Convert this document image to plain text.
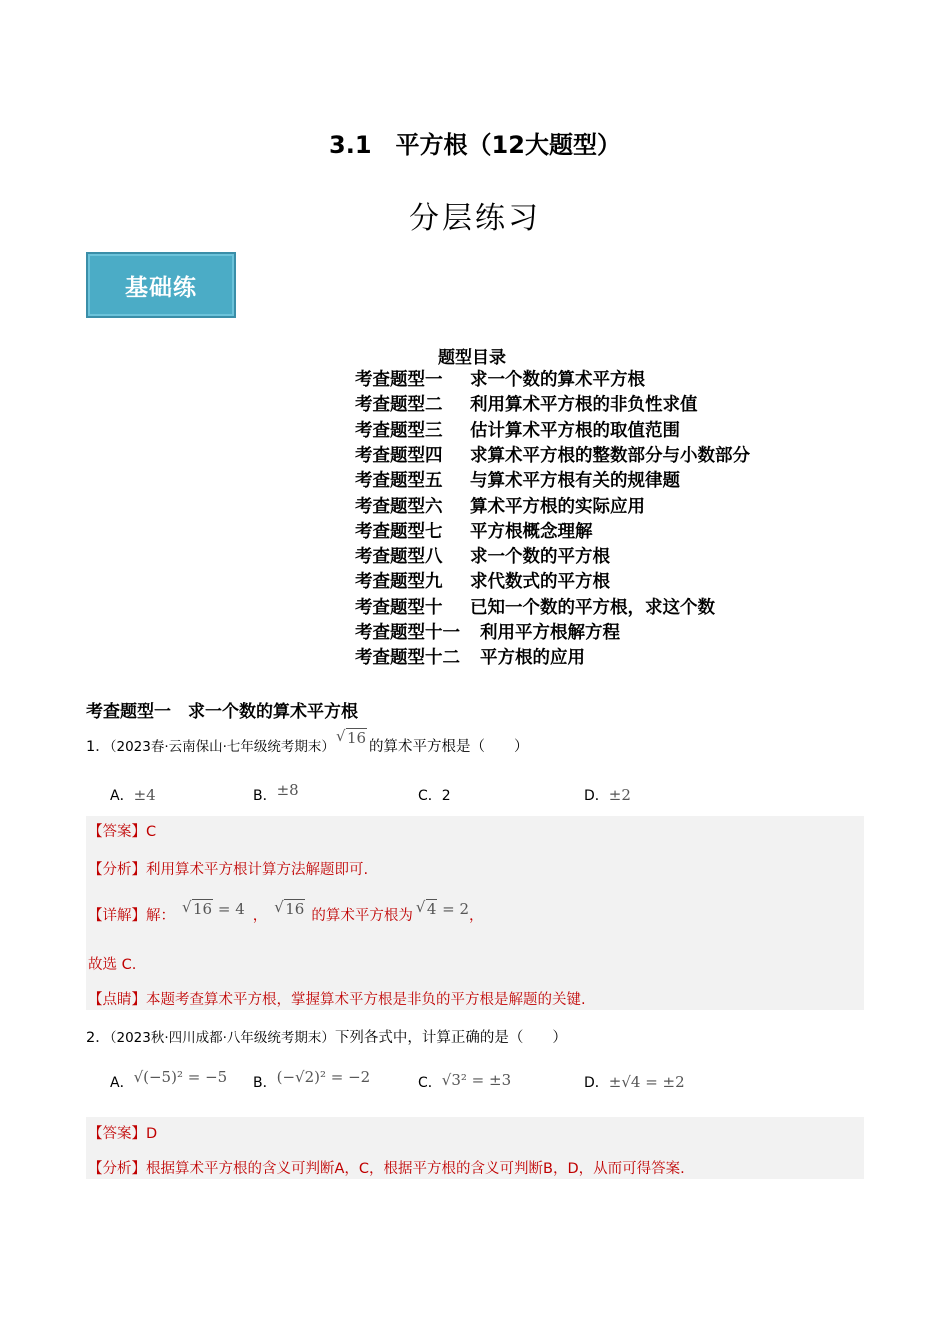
3.1　平方根（12大题型）
分层练习
基础练
题型目录
考查题型一 求一个数的算术平方根
考查题型二 利用算术平方根的非负性求值
考查题型三 估计算术平方根的取值范围
考查题型四 求算术平方根的整数部分与小数部分
考查题型五 与算术平方根有关的规律题
考查题型六 算术平方根的实际应用
考查题型七 平方根概念理解
考查题型八 求一个数的平方根
考查题型九 求代数式的平方根
考查题型十 已知一个数的平方根，求这个数
考查题型十一 利用平方根解方程
考查题型十二 平方根的应用
考查题型一　求一个数的算术平方根
1．（2023春·云南保山·七年级统考期末） √ 16 的算术平方根是（　　）
A．±4	B．±8	C．2	D．±2
【答案】C
【分析】利用算术平方根计算方法解题即可.
【详解】解： √ 16 = 4 ， √ 16 的算术平方根为 √ 4 = 2，
故选 C.
【点睛】本题考查算术平方根，掌握算术平方根是非负的平方根是解题的关键.
2．（2023秋·四川成都·八年级统考期末）下列各式中，计算正确的是（　　）
A．√(−5)² = −5 B．(−√2)² = −2	C．√3² = ±3	D．±√4 = ±2
【答案】D
【分析】根据算术平方根的含义可判断A，C，根据平方根的含义可判断B，D，从而可得答案.
